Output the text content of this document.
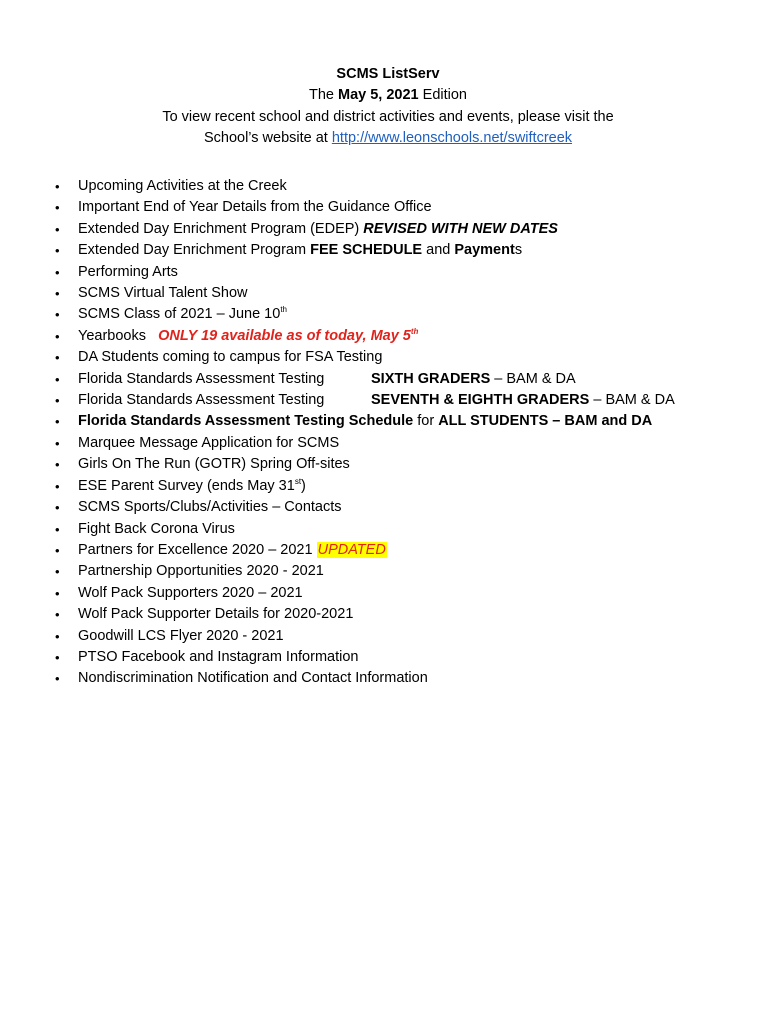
SCMS ListServ
The May 5, 2021 Edition
To view recent school and district activities and events, please visit the
School’s website at http://www.leonschools.net/swiftcreek
• Upcoming Activities at the Creek
• Important End of Year Details from the Guidance Office
• Extended Day Enrichment Program (EDEP) REVISED WITH NEW DATES
• Extended Day Enrichment Program FEE SCHEDULE and Payments
• Performing Arts
• SCMS Virtual Talent Show
• SCMS Class of 2021 – June 10th
• Yearbooks ONLY 19 available as of today, May 5th
• DA Students coming to campus for FSA Testing
• Florida Standards Assessment Testing	SIXTH GRADERS – BAM & DA
• Florida Standards Assessment Testing	SEVENTH & EIGHTH GRADERS – BAM & DA
• Florida Standards Assessment Testing Schedule for ALL STUDENTS – BAM and DA
• Marquee Message Application for SCMS
• Girls On The Run (GOTR) Spring Off-sites
• ESE Parent Survey (ends May 31st)
• SCMS Sports/Clubs/Activities – Contacts
• Fight Back Corona Virus
• Partners for Excellence 2020 – 2021 UPDATED
• Partnership Opportunities 2020 - 2021
• Wolf Pack Supporters 2020 – 2021
• Wolf Pack Supporter Details for 2020-2021
• Goodwill LCS Flyer 2020 - 2021
• PTSO Facebook and Instagram Information
• Nondiscrimination Notification and Contact Information
